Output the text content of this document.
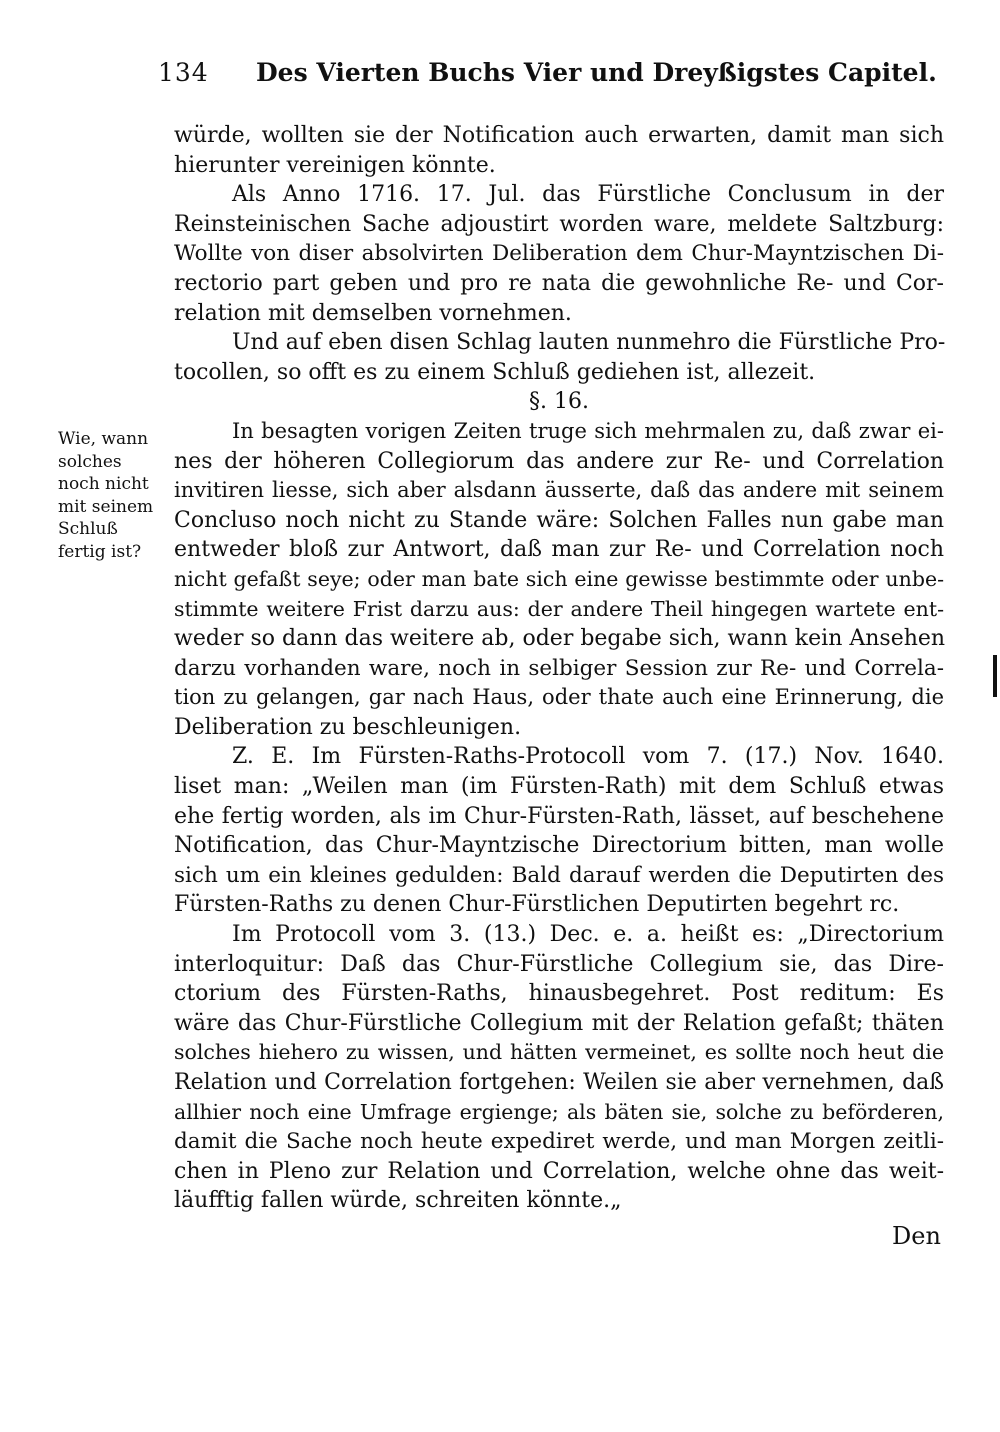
134 Des Vierten Buchs Vier und Dreyßigstes Capitel.
Wie, wann
solches
noch nicht
mit seinem
Schluß
fertig ist?
würde, wollten sie der Notification auch erwarten, damit man sich
hierunter vereinigen könnte.
Als Anno 1716. 17. Jul. das Fürstliche Conclusum in der
Reinsteinischen Sache adjoustirt worden ware, meldete Saltzburg:
Wollte von diser absolvirten Deliberation dem Chur-Mayntzischen Di-
rectorio part geben und pro re nata die gewohnliche Re- und Cor-
relation mit demselben vornehmen.
Und auf eben disen Schlag lauten nunmehro die Fürstliche Pro-
tocollen, so offt es zu einem Schluß gediehen ist, allezeit.
§. 16.
In besagten vorigen Zeiten truge sich mehrmalen zu, daß zwar ei-
nes der höheren Collegiorum das andere zur Re- und Correlation
invitiren liesse, sich aber alsdann äusserte, daß das andere mit seinem
Concluso noch nicht zu Stande wäre: Solchen Falles nun gabe man
entweder bloß zur Antwort, daß man zur Re- und Correlation noch
nicht gefaßt seye; oder man bate sich eine gewisse bestimmte oder unbe-
stimmte weitere Frist darzu aus: der andere Theil hingegen wartete ent-
weder so dann das weitere ab, oder begabe sich, wann kein Ansehen
darzu vorhanden ware, noch in selbiger Session zur Re- und Correla-
tion zu gelangen, gar nach Haus, oder thate auch eine Erinnerung, die
Deliberation zu beschleunigen.
Z. E. Im Fürsten-Raths-Protocoll vom 7. (17.) Nov. 1640.
liset man: „Weilen man (im Fürsten-Rath) mit dem Schluß etwas
ehe fertig worden, als im Chur-Fürsten-Rath, lässet, auf beschehene
Notification, das Chur-Mayntzische Directorium bitten, man wolle
sich um ein kleines gedulden: Bald darauf werden die Deputirten des
Fürsten-Raths zu denen Chur-Fürstlichen Deputirten begehrt rc.
Im Protocoll vom 3. (13.) Dec. e. a. heißt es: „Directorium
interloquitur: Daß das Chur-Fürstliche Collegium sie, das Dire-
ctorium des Fürsten-Raths, hinausbegehret. Post reditum: Es
wäre das Chur-Fürstliche Collegium mit der Relation gefaßt; thäten
solches hiehero zu wissen, und hätten vermeinet, es sollte noch heut die
Relation und Correlation fortgehen: Weilen sie aber vernehmen, daß
allhier noch eine Umfrage ergienge; als bäten sie, solche zu beförderen,
damit die Sache noch heute expediret werde, und man Morgen zeitli-
chen in Pleno zur Relation und Correlation, welche ohne das weit-
läufftig fallen würde, schreiten könnte.„
Den
